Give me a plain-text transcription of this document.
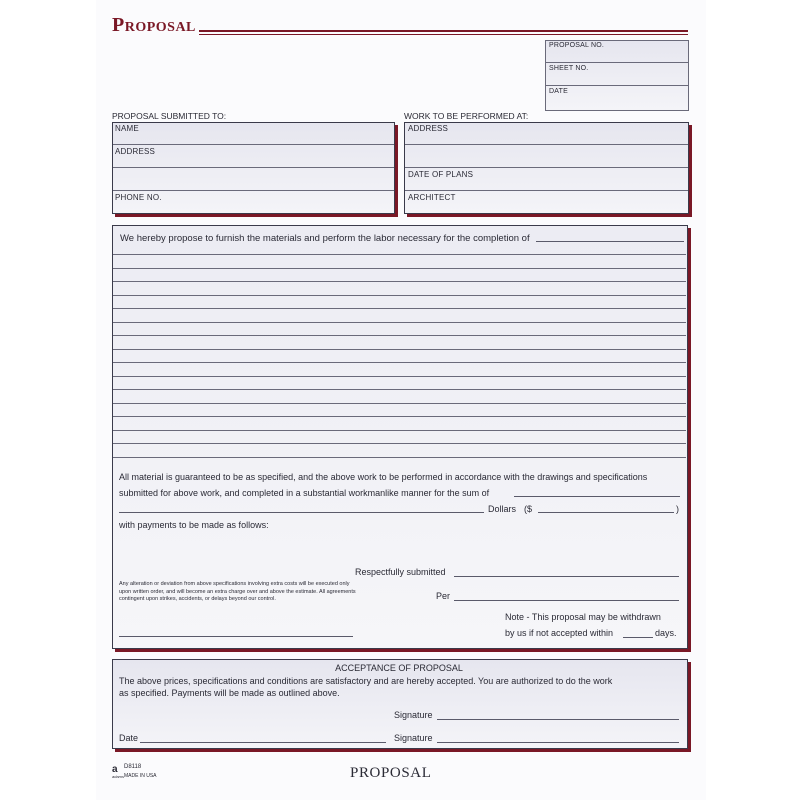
Proposal
PROPOSAL NO.
SHEET NO.
DATE
PROPOSAL SUBMITTED TO:
NAME
ADDRESS
PHONE NO.
WORK TO BE PERFORMED AT:
ADDRESS
DATE OF PLANS
ARCHITECT
We hereby propose to furnish the materials and perform the labor necessary for the completion of
All material is guaranteed to be as specified, and the above work to be performed in accordance with the drawings and specifications
submitted for above work, and completed in a substantial workmanlike manner for the sum of
Dollars ($	)
with payments to be made as follows:
Respectfully submitted
Per
Any alteration or deviation from above specifications involving extra costs will be executed only upon written order, and will become an extra charge over and above the estimate. All agreements contingent upon strikes, accidents, or delays beyond our control.
Note - This proposal may be withdrawn
by us if not accepted within	days.
ACCEPTANCE OF PROPOSAL
The above prices, specifications and conditions are satisfactory and are hereby accepted. You are authorized to do the work
as specified. Payments will be made as outlined above.
Signature
Date	Signature
a D8118
adams MADE IN USA	PROPOSAL
